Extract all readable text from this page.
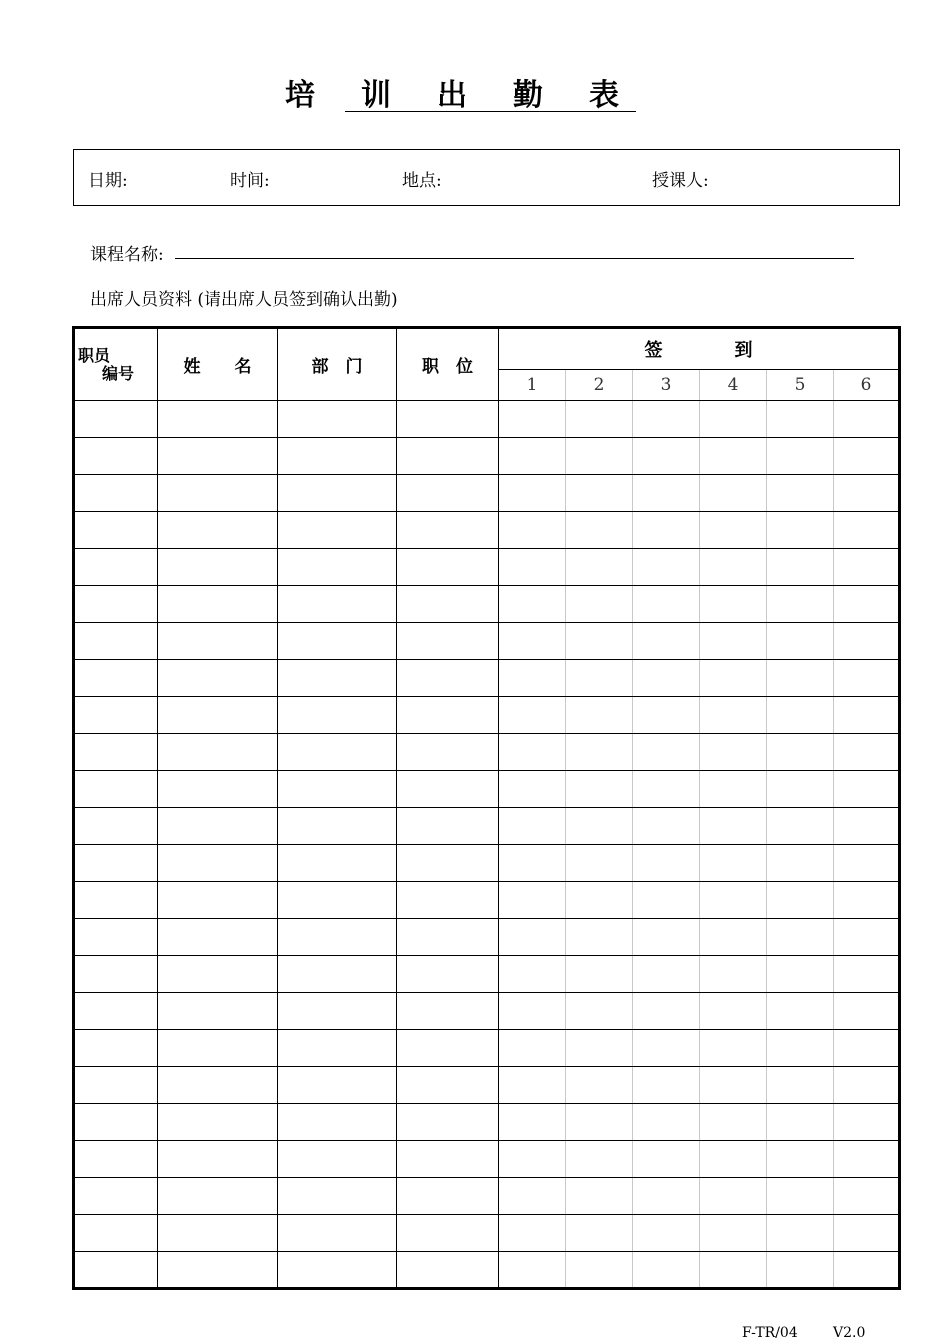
培训出勤表
日期:	时间:	地点:	授课人:
课程名称:
出席人员资料 (请出席人员签到确认出勤)
职员
编号	姓　　名	部　门	职　位	签　　　　到					
				1	2	3	4	5	6

F-TR/04	V2.0
